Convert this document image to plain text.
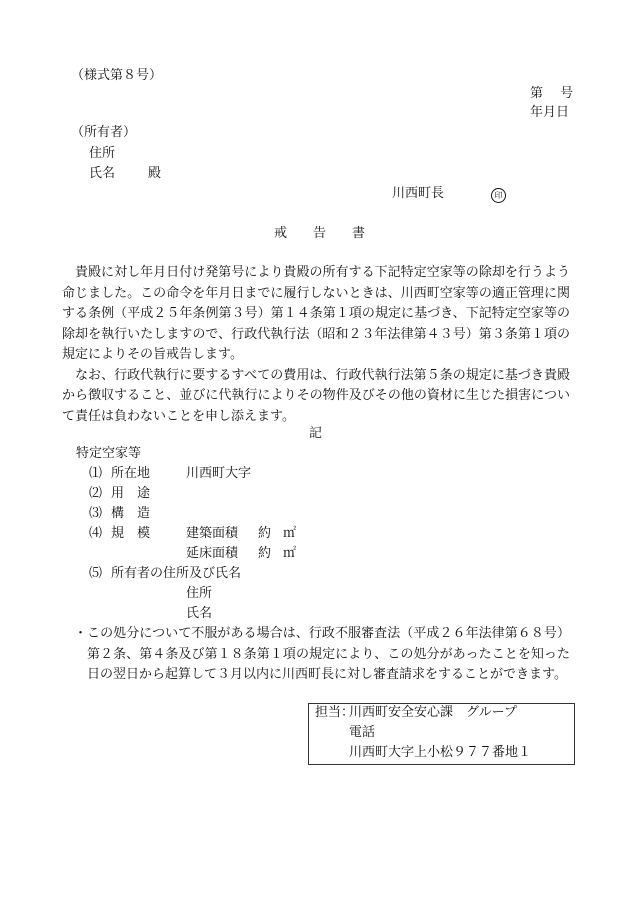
（様式第８号）
第　 号
年月日
（所有者）
住所
氏名	殿
川西町長	印
戒　　告　　書

貴殿に対し年月日付け発第号により貴殿の所有する下記特定空家等の除却を行うよう命じました。この命令を年月日までに履行しないときは、川西町空家等の適正管理に関する条例（平成２５年条例第３号）第１４条第１項の規定に基づき、下記特定空家等の除却を執行いたしますので、行政代執行法（昭和２３年法律第４３号）第３条第１項の規定によりその旨戒告します。

なお、行政代執行に要するすべての費用は、行政代執行法第５条の規定に基づき貴殿から徴収すること、並びに代執行によりその物件及びその他の資材に生じた損害について責任は負わないことを申し添えます。

記
特定空家等
⑴ 所在地	川西町大字
⑵ 用　途
⑶ 構　造
⑷ 規　模	建築面積 約 ㎡
延床面積 約 ㎡
⑸ 所有者の住所及び氏名
住所
氏名

・この処分について不服がある場合は、行政不服審査法（平成２６年法律第６８号）第２条、第４条及び第１８条第１項の規定により、この処分があったことを知った日の翌日から起算して３月以内に川西町長に対し審査請求をすることができます。

担当：
川西町安全安心課　グループ
電話
川西町大字上小松９７７番地１
